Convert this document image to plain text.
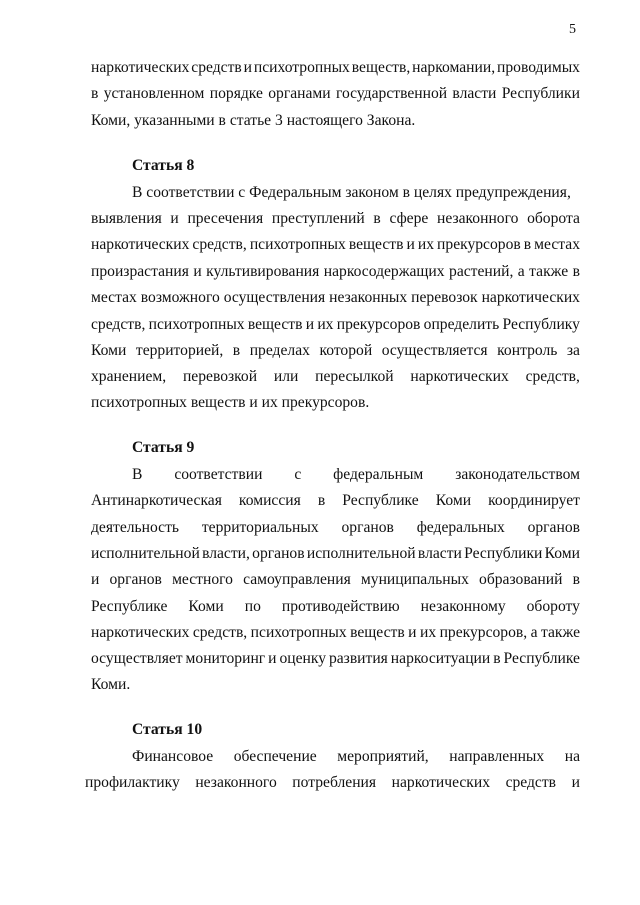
5
наркотических средств и психотропных веществ, наркомании, проводимых
в установленном порядке органами государственной власти Республики
Коми, указанными в статье 3 настоящего Закона.
Статья 8
В соответствии с Федеральным законом в целях предупреждения,
выявления и пресечения преступлений в сфере незаконного оборота
наркотических средств, психотропных веществ и их прекурсоров в местах
произрастания и культивирования наркосодержащих растений, а также в
местах возможного осуществления незаконных перевозок наркотических
средств, психотропных веществ и их прекурсоров определить Республику
Коми территорией, в пределах которой осуществляется контроль за
хранением, перевозкой или пересылкой наркотических средств,
психотропных веществ и их прекурсоров.
Статья 9
В соответствии с федеральным законодательством
Антинаркотическая комиссия в Республике Коми координирует
деятельность территориальных органов федеральных органов
исполнительной власти, органов исполнительной власти Республики Коми
и органов местного самоуправления муниципальных образований в
Республике Коми по противодействию незаконному обороту
наркотических средств, психотропных веществ и их прекурсоров, а также
осуществляет мониторинг и оценку развития наркоситуации в Республике
Коми.
Статья 10
Финансовое обеспечение мероприятий, направленных на
профилактику незаконного потребления наркотических средств и
